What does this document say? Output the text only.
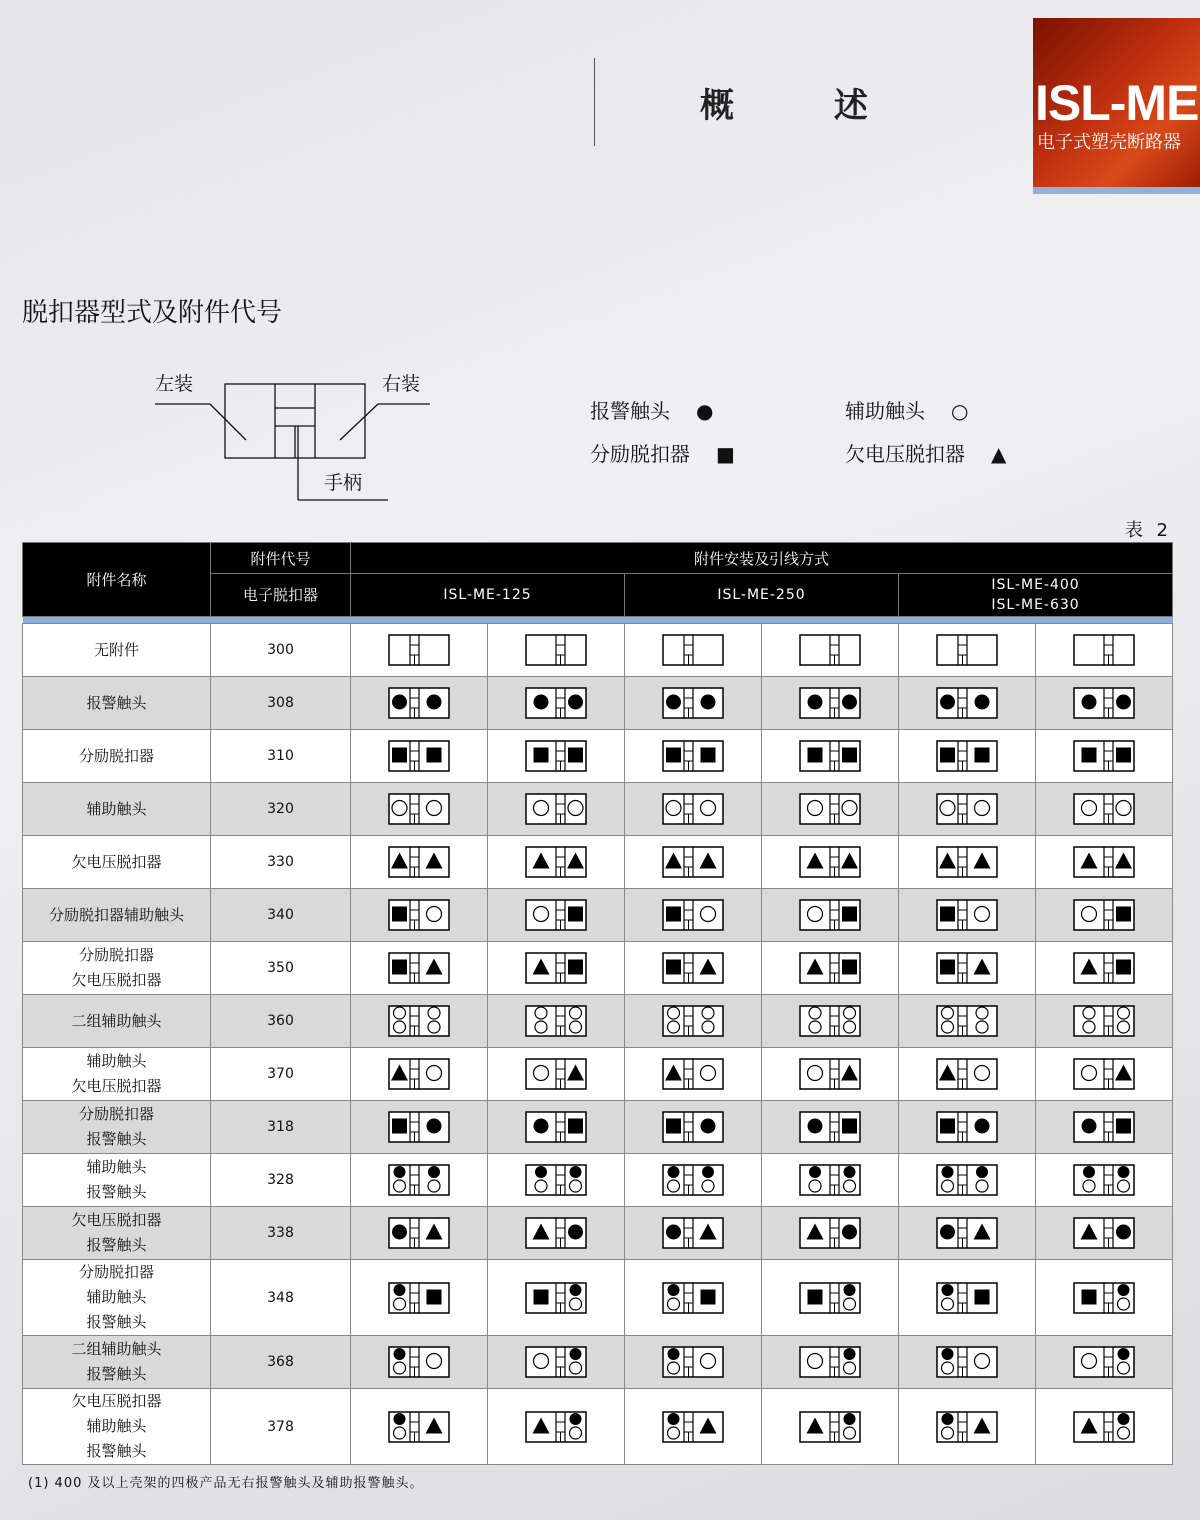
概 述 ISL-ME
电子式塑壳断路器
脱扣器型式及附件代号
左装	右装
手柄
报警触头 ●	辅助触头 ○
分励脱扣器 ■	欠电压脱扣器 ▲
表 2
附件名称	附件代号	附件安装及引线方式					
	电子脱扣器	ISL-ME-125		ISL-ME-250		ISL-ME-400
ISL-ME-630	

无附件	300	

报警触头	308	

分励脱扣器	310	

辅助触头	320	

欠电压脱扣器	330	

分励脱扣器辅助触头	340	

分励脱扣器
欠电压脱扣器	350	

二组辅助触头	360	

辅助触头
欠电压脱扣器	370	

分励脱扣器
报警触头	318	

辅助触头
报警触头	328	

欠电压脱扣器
报警触头	338	

分励脱扣器
辅助触头
报警触头	348	

二组辅助触头
报警触头	368	

欠电压脱扣器
辅助触头
报警触头	378	

(1) 400 及以上壳架的四极产品无右报警触头及辅助报警触头。
